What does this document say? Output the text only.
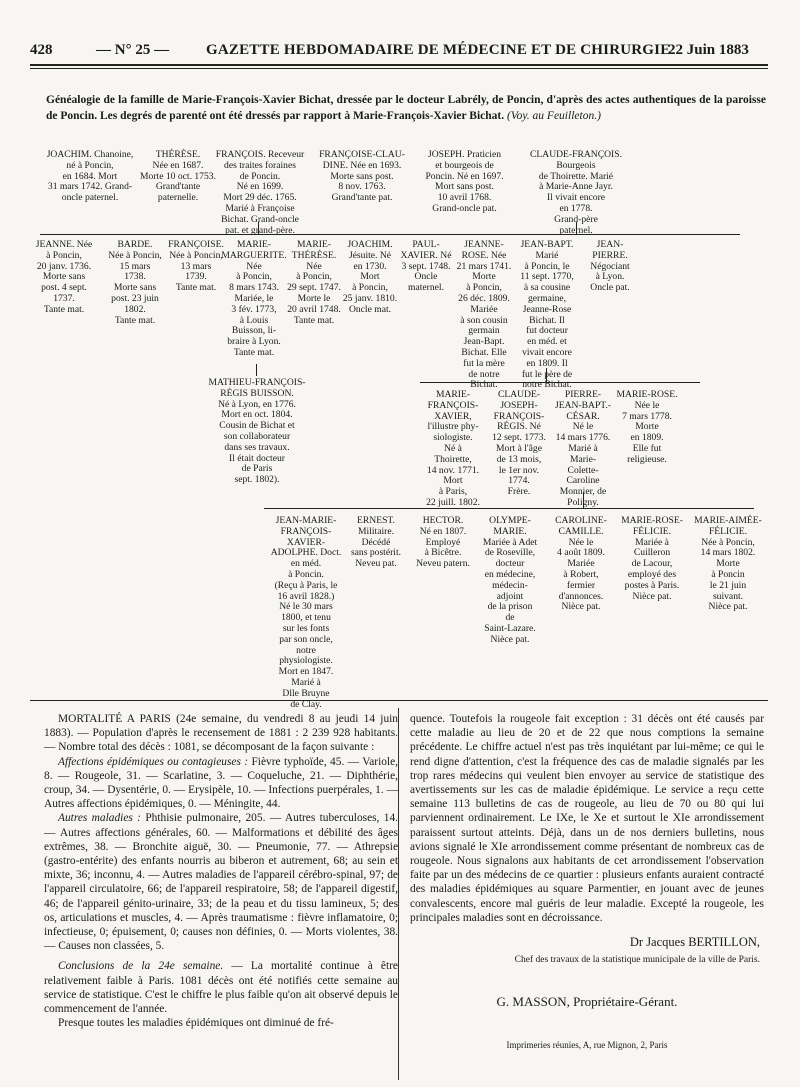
428	— N° 25 — GAZETTE HEBDOMADAIRE DE MÉDECINE ET DE CHIRURGIE
22 Juin 1883
Généalogie de la famille de Marie-François-Xavier Bichat, dressée par le docteur Labrély, de Poncin, d'après des actes authentiques de la paroisse de Poncin. Les degrés de parenté ont été dressés par rapport à Marie-François-Xavier Bichat. (Voy. au Feuilleton.)
JOACHIM. Chanoine,
né à Poncin,
en 1684. Mort
31 mars 1742. Grand-
oncle paternel.
THÉRÈSE.
Née en 1687.
Morte 10 oct. 1753.
Grand'tante
paternelle.
FRANÇOIS. Receveur
des traites foraines
de Poncin.
Né en 1699.
Mort 29 déc. 1765.
Marié à Françoise
Bichat. Grand-oncle
pat. et grand-père.
FRANÇOISE-CLAU-
DINE. Née en 1693.
Morte sans post.
8 nov. 1763.
Grand'tante pat.
JOSEPH. Praticien
et bourgeois de
Poncin. Né en 1697.
Mort sans post.
10 avril 1768.
Grand-oncle pat.
CLAUDE-FRANÇOIS.
Bourgeois
de Thoirette. Marié
à Marie-Anne Jayr.
Il vivait encore
en 1778.
Grand-père
paternel.
JEANNE. Née
à Poncin,
20 janv. 1736.
Morte sans
post. 4 sept.
1737.
Tante mat.
BARDE.
Née à Poncin,
15 mars
1738.
Morte sans
post. 23 juin
1802.
Tante mat.
FRANÇOISE.
Née à Poncin,
13 mars
1739.
Tante mat.
MARIE-
MARGUERITE.
Née
à Poncin,
8 mars 1743.
Mariée, le
3 fév. 1773,
à Louis
Buisson, li-
braire à Lyon.
Tante mat.
MARIE-
THÉRÈSE.
Née
à Poncin,
29 sept. 1747.
Morte le
20 avril 1748.
Tante mat.
JOACHIM.
Jésuite. Né
en 1730.
Mort
à Poncin,
25 janv. 1810.
Oncle mat.
PAUL-
XAVIER. Né
3 sept. 1748.
Oncle
maternel.
JEANNE-
ROSE. Née
21 mars 1741.
Morte
à Poncin,
26 déc. 1809.
Mariée
à son cousin
germain
Jean-Bapt.
Bichat. Elle
fut la mère
de notre
Bichat.
JEAN-BAPT.
Marié
à Poncin, le
11 sept. 1770,
à sa cousine
germaine,
Jeanne-Rose
Bichat. Il
fut docteur
en méd. et
vivait encore
en 1809. Il
fut le père de
notre Bichat.
JEAN-
PIERRE.
Négociant
à Lyon.
Oncle pat.
MATHIEU-FRANÇOIS-
RÉGIS BUISSON.
Né à Lyon, en 1776.
Mort en oct. 1804.
Cousin de Bichat et
son collaborateur
dans ses travaux.
Il était docteur
de Paris
sept. 1802).
MARIE-
FRANÇOIS-
XAVIER,
l'illustre phy-
siologiste.
Né à
Thoirette,
14 nov. 1771.
Mort
à Paris,
22 juill. 1802.
CLAUDE-
JOSEPH-
FRANÇOIS-
RÉGIS. Né
12 sept. 1773.
Mort à l'âge
de 13 mois,
le 1er nov.
1774.
Frère.
PIERRE-
JEAN-BAPT.-
CÉSAR.
Né le
14 mars 1776.
Marié à
Marie-
Colette-
Caroline
Monnier, de
Poligny.
MARIE-ROSE.
Née le
7 mars 1778.
Morte
en 1809.
Elle fut
religieuse.
JEAN-MARIE-
FRANÇOIS-
XAVIER-
ADOLPHE. Doct.
en méd.
à Poncin.
(Reçu à Paris, le
16 avril 1828.)
Né le 30 mars
1800, et tenu
sur les fonts
par son oncle,
notre
physiologiste.
Mort en 1847.
Marié à
Dlle Bruyne
de Clay.
ERNEST.
Militaire.
Décédé
sans postérit.
Neveu pat.
HECTOR.
Né en 1807.
Employé
à Bicêtre.
Neveu patern.
OLYMPE-MARIE.
Mariée à Adet
de Roseville,
docteur
en médecine,
médecin-
adjoint
de la prison
de
Saint-Lazare.
Nièce pat.
CAROLINE-
CAMILLE.
Née le
4 août 1809.
Mariée
à Robert,
fermier
d'annonces.
Nièce pat.
MARIE-ROSE-
FÉLICIE.
Mariée à
Cuilleron
de Lacour,
employé des
postes à Paris.
Nièce pat.
MARIE-AIMÉE-
FÉLICIE.
Née à Poncin,
14 mars 1802.
Morte
à Poncin
le 21 juin
suivant.
Nièce pat.

MORTALITÉ A PARIS (24e semaine, du vendredi 8 au jeudi 14 juin 1883). — Population d'après le recensement de 1881 : 2 239 928 habitants. — Nombre total des décès : 1081, se décomposant de la façon suivante :

Affections épidémiques ou contagieuses : Fièvre typhoïde, 45. — Variole, 8. — Rougeole, 31. — Scarlatine, 3. — Coqueluche, 21. — Diphthérie, croup, 34. — Dysentérie, 0. — Erysipèle, 10. — Infections puerpérales, 1. — Autres affections épidémiques, 0. — Méningite, 44.

Autres maladies : Phthisie pulmonaire, 205. — Autres tuberculoses, 14. — Autres affections générales, 60. — Malformations et débilité des âges extrêmes, 38. — Bronchite aiguë, 30. — Pneumonie, 77. — Athrepsie (gastro-entérite) des enfants nourris au biberon et autrement, 68; au sein et mixte, 36; inconnu, 4. — Autres maladies de l'appareil cérébro-spinal, 97; de l'appareil circulatoire, 66; de l'appareil respiratoire, 58; de l'appareil digestif, 46; de l'appareil génito-urinaire, 33; de la peau et du tissu lamineux, 5; des os, articulations et muscles, 4. — Après traumatisme : fièvre inflamatoire, 0; infectieuse, 0; épuisement, 0; causes non définies, 0. — Morts violentes, 38. — Causes non classées, 5.

Conclusions de la 24e semaine. — La mortalité continue à être relativement faible à Paris. 1081 décès ont été notifiés cette semaine au service de statistique. C'est le chiffre le plus faible qu'on ait observé depuis le commencement de l'année.

Presque toutes les maladies épidémiques ont diminué de fré-

quence. Toutefois la rougeole fait exception : 31 décès ont été causés par cette maladie au lieu de 20 et de 22 que nous comptions la semaine précédente. Le chiffre actuel n'est pas très inquiétant par lui-même; ce qui le rend digne d'attention, c'est la fréquence des cas de maladie signalés par les trop rares médecins qui veulent bien envoyer au service de statistique des avertissements sur les cas de maladie épidémique. Le service a reçu cette semaine 113 bulletins de cas de rougeole, au lieu de 70 ou 80 qui lui parviennent ordinairement. Le IXe, le Xe et surtout le XIe arrondissement paraissent surtout atteints. Déjà, dans un de nos derniers bulletins, nous avions signalé le XIe arrondissement comme présentant de nombreux cas de rougeole. Nous signalons aux habitants de cet arrondissement l'observation faite par un des médecins de ce quartier : plusieurs enfants auraient contracté des maladies épidémiques au square Parmentier, en jouant avec de jeunes convalescents, encore mal guéris de leur maladie. Excepté la rougeole, les principales maladies sont en décroissance.

Dr Jacques BERTILLON,
Chef des travaux de la statistique municipale de la ville de Paris.
G. MASSON, Propriétaire-Gérant.
Imprimeries réunies, A, rue Mignon, 2, Paris
